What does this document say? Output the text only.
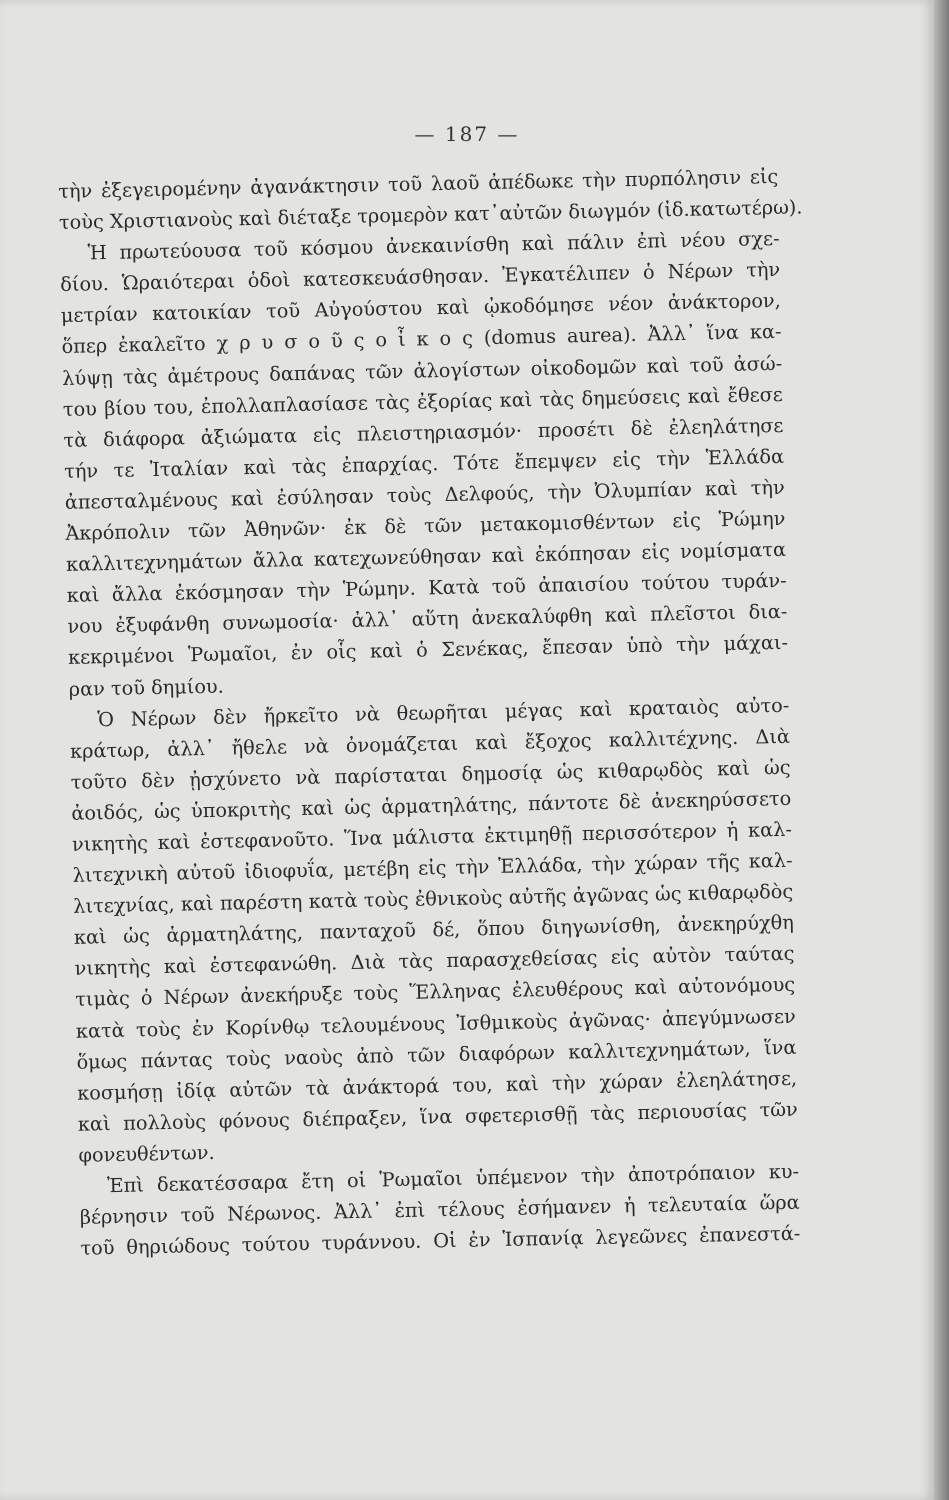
— 187 —
τὴν ἐξεγειρομένην ἀγανάκτησιν τοῦ λαοῦ ἀπέδωκε τὴν πυρπόλησιν εἰς
τοὺς Χριστιανοὺς καὶ διέταξε τρομερὸν κατ᾽αὐτῶν διωγμόν (ἰδ.κατωτέρω).
Ἡ πρωτεύουσα τοῦ κόσμου ἀνεκαινίσθη καὶ πάλιν ἐπὶ νέου σχε-
δίου. Ὡραιότεραι ὁδοὶ κατεσκευάσθησαν. Ἐγκατέλιπεν ὁ Νέρων τὴν
μετρίαν κατοικίαν τοῦ Αὐγούστου καὶ ᾠκοδόμησε νέον ἀνάκτορον,
ὅπερ ἐκαλεῖτο χ ρ υ σ ο ῦ ς ο ἶ κ ο ς (domus aurea). Ἀλλ᾽ ἵνα κα-
λύψῃ τὰς ἀμέτρους δαπάνας τῶν ἀλογίστων οἰκοδομῶν καὶ τοῦ ἀσώ-
του βίου του, ἐπολλαπλασίασε τὰς ἐξορίας καὶ τὰς δημεύσεις καὶ ἔθεσε
τὰ διάφορα ἀξιώματα εἰς πλειστηριασμόν· προσέτι δὲ ἐλεηλάτησε
τήν τε Ἰταλίαν καὶ τὰς ἐπαρχίας. Τότε ἔπεμψεν εἰς τὴν Ἑλλάδα
ἀπεσταλμένους καὶ ἐσύλησαν τοὺς Δελφούς, τὴν Ὀλυμπίαν καὶ τὴν
Ἀκρόπολιν τῶν Ἀθηνῶν· ἐκ δὲ τῶν μετακομισθέντων εἰς Ῥώμην
καλλιτεχνημάτων ἄλλα κατεχωνεύθησαν καὶ ἐκόπησαν εἰς νομίσματα
καὶ ἄλλα ἐκόσμησαν τὴν Ῥώμην. Κατὰ τοῦ ἀπαισίου τούτου τυράν-
νου ἐξυφάνθη συνωμοσία· ἀλλ᾽ αὕτη ἀνεκαλύφθη καὶ πλεῖστοι δια-
κεκριμένοι Ῥωμαῖοι, ἐν οἷς καὶ ὁ Σενέκας, ἔπεσαν ὑπὸ τὴν μάχαι-
ραν τοῦ δημίου.
Ὁ Νέρων δὲν ἤρκεῖτο νὰ θεωρῆται μέγας καὶ κραταιὸς αὐτο-
κράτωρ, ἀλλ᾽ ἤθελε νὰ ὀνομάζεται καὶ ἔξοχος καλλιτέχνης. Διὰ
τοῦτο δὲν ᾐσχύνετο νὰ παρίσταται δημοσίᾳ ὡς κιθαρῳδὸς καὶ ὡς
ἀοιδός, ὡς ὑποκριτὴς καὶ ὡς ἁρματηλάτης, πάντοτε δὲ ἀνεκηρύσσετο
νικητὴς καὶ ἐστεφανοῦτο. Ἵνα μάλιστα ἐκτιμηθῇ περισσότερον ἡ καλ-
λιτεχνικὴ αὐτοῦ ἰδιοφυΐα, μετέβη εἰς τὴν Ἑλλάδα, τὴν χώραν τῆς καλ-
λιτεχνίας, καὶ παρέστη κατὰ τοὺς ἐθνικοὺς αὐτῆς ἀγῶνας ὡς κιθαρῳδὸς
καὶ ὡς ἁρματηλάτης, πανταχοῦ δέ, ὅπου διηγωνίσθη, ἀνεκηρύχθη
νικητὴς καὶ ἐστεφανώθη. Διὰ τὰς παρασχεθείσας εἰς αὐτὸν ταύτας
τιμὰς ὁ Νέρων ἀνεκήρυξε τοὺς Ἕλληνας ἐλευθέρους καὶ αὐτονόμους
κατὰ τοὺς ἐν Κορίνθῳ τελουμένους Ἰσθμικοὺς ἀγῶνας· ἀπεγύμνωσεν
ὅμως πάντας τοὺς ναοὺς ἀπὸ τῶν διαφόρων καλλιτεχνημάτων, ἵνα
κοσμήσῃ ἰδίᾳ αὐτῶν τὰ ἀνάκτορά του, καὶ τὴν χώραν ἐλεηλάτησε,
καὶ πολλοὺς φόνους διέπραξεν, ἵνα σφετερισθῇ τὰς περιουσίας τῶν
φονευθέντων.
Ἐπὶ δεκατέσσαρα ἔτη οἱ Ῥωμαῖοι ὑπέμενον τὴν ἀποτρόπαιον κυ-
βέρνησιν τοῦ Νέρωνος. Ἀλλ᾽ ἐπὶ τέλους ἐσήμανεν ἡ τελευταία ὥρα
τοῦ θηριώδους τούτου τυράννου. Οἱ ἐν Ἱσπανίᾳ λεγεῶνες ἐπανεστά-
